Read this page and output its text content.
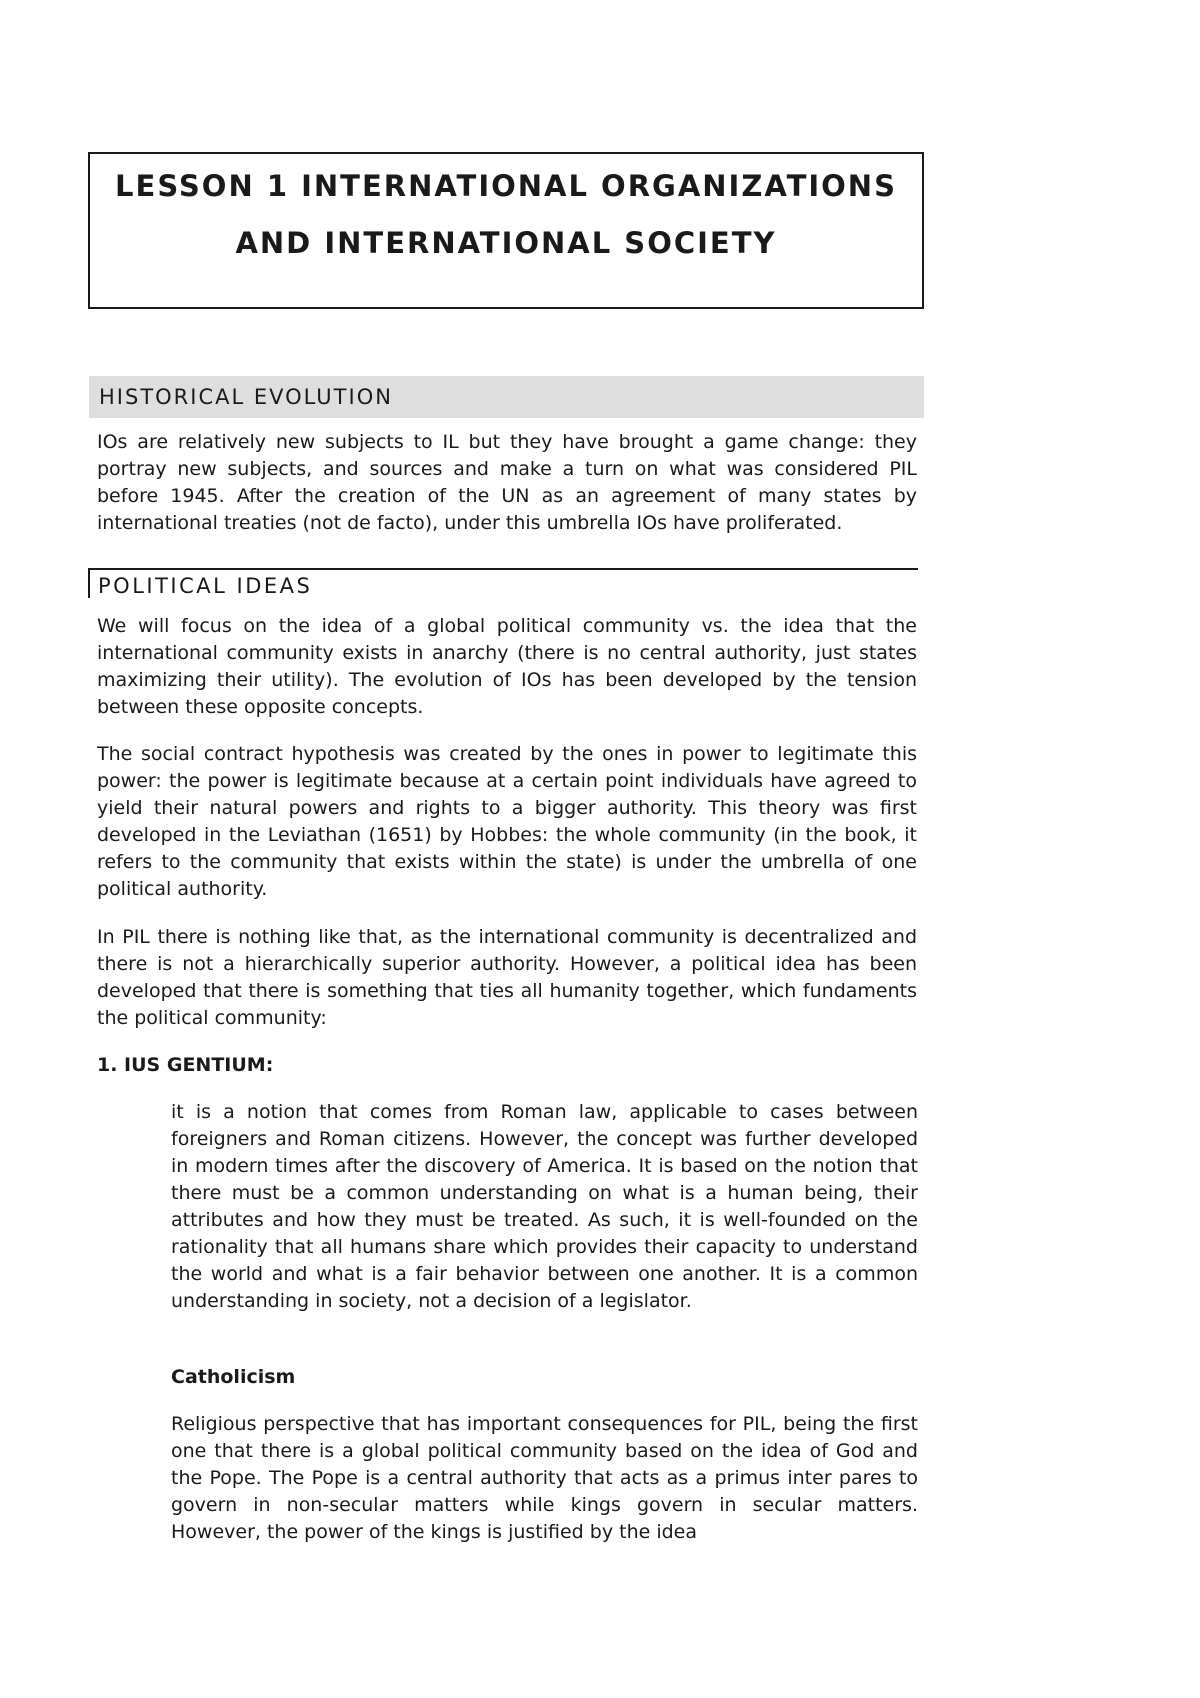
LESSON 1 INTERNATIONAL ORGANIZATIONS AND INTERNATIONAL SOCIETY
HISTORICAL EVOLUTION

IOs are relatively new subjects to IL but they have brought a game change: they portray new subjects, and sources and make a turn on what was considered PIL before 1945. After the creation of the UN as an agreement of many states by international treaties (not de facto), under this umbrella IOs have proliferated.

POLITICAL IDEAS

We will focus on the idea of a global political community vs. the idea that the international community exists in anarchy (there is no central authority, just states maximizing their utility). The evolution of IOs has been developed by the tension between these opposite concepts.

The social contract hypothesis was created by the ones in power to legitimate this power: the power is legitimate because at a certain point individuals have agreed to yield their natural powers and rights to a bigger authority. This theory was first developed in the Leviathan (1651) by Hobbes: the whole community (in the book, it refers to the community that exists within the state) is under the umbrella of one political authority.

In PIL there is nothing like that, as the international community is decentralized and there is not a hierarchically superior authority. However, a political idea has been developed that there is something that ties all humanity together, which fundaments the political community:

1. IUS GENTIUM:

it is a notion that comes from Roman law, applicable to cases between foreigners and Roman citizens. However, the concept was further developed in modern times after the discovery of America. It is based on the notion that there must be a common understanding on what is a human being, their attributes and how they must be treated. As such, it is well-founded on the rationality that all humans share which provides their capacity to understand the world and what is a fair behavior between one another. It is a common understanding in society, not a decision of a legislator.

Catholicism

Religious perspective that has important consequences for PIL, being the first one that there is a global political community based on the idea of God and the Pope. The Pope is a central authority that acts as a primus inter pares to govern in non-secular matters while kings govern in secular matters. However, the power of the kings is justified by the idea
